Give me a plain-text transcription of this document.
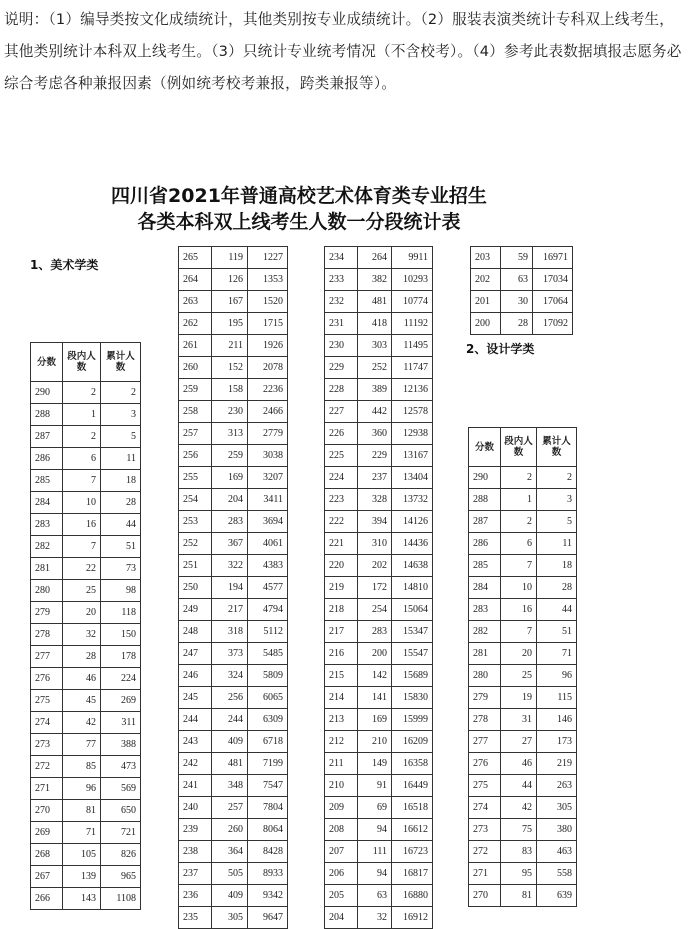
说明：（1）编导类按文化成绩统计，其他类别按专业成绩统计。（2）服装表演类统计专科双上线考生，其他类别统计本科双上线考生。（3）只统计专业统考情况（不含校考）。（4）参考此表数据填报志愿务必综合考虑各种兼报因素（例如统考校考兼报，跨类兼报等）。
四川省2021年普通高校艺术体育类专业招生
各类本科双上线考生人数一分段统计表
1、美术学类
2、设计学类
分数	段内人数	累计人数
290	2	2
288	1	3
287	2	5
286	6	11
285	7	18
284	10	28
283	16	44
282	7	51
281	22	73
280	25	98
279	20	118
278	32	150
277	28	178
276	46	224
275	45	269
274	42	311
273	77	388
272	85	473
271	96	569
270	81	650
269	71	721
268	105	826
267	139	965
266	143	1108
265	119	1227
264	126	1353
263	167	1520
262	195	1715
261	211	1926
260	152	2078
259	158	2236
258	230	2466
257	313	2779
256	259	3038
255	169	3207
254	204	3411
253	283	3694
252	367	4061
251	322	4383
250	194	4577
249	217	4794
248	318	5112
247	373	5485
246	324	5809
245	256	6065
244	244	6309
243	409	6718
242	481	7199
241	348	7547
240	257	7804
239	260	8064
238	364	8428
237	505	8933
236	409	9342
235	305	9647
234	264	9911
233	382	10293
232	481	10774
231	418	11192
230	303	11495
229	252	11747
228	389	12136
227	442	12578
226	360	12938
225	229	13167
224	237	13404
223	328	13732
222	394	14126
221	310	14436
220	202	14638
219	172	14810
218	254	15064
217	283	15347
216	200	15547
215	142	15689
214	141	15830
213	169	15999
212	210	16209
211	149	16358
210	91	16449
209	69	16518
208	94	16612
207	111	16723
206	94	16817
205	63	16880
204	32	16912
203	59	16971
202	63	17034
201	30	17064
200	28	17092
分数	段内人数	累计人数
290	2	2
288	1	3
287	2	5
286	6	11
285	7	18
284	10	28
283	16	44
282	7	51
281	20	71
280	25	96
279	19	115
278	31	146
277	27	173
276	46	219
275	44	263
274	42	305
273	75	380
272	83	463
271	95	558
270	81	639
